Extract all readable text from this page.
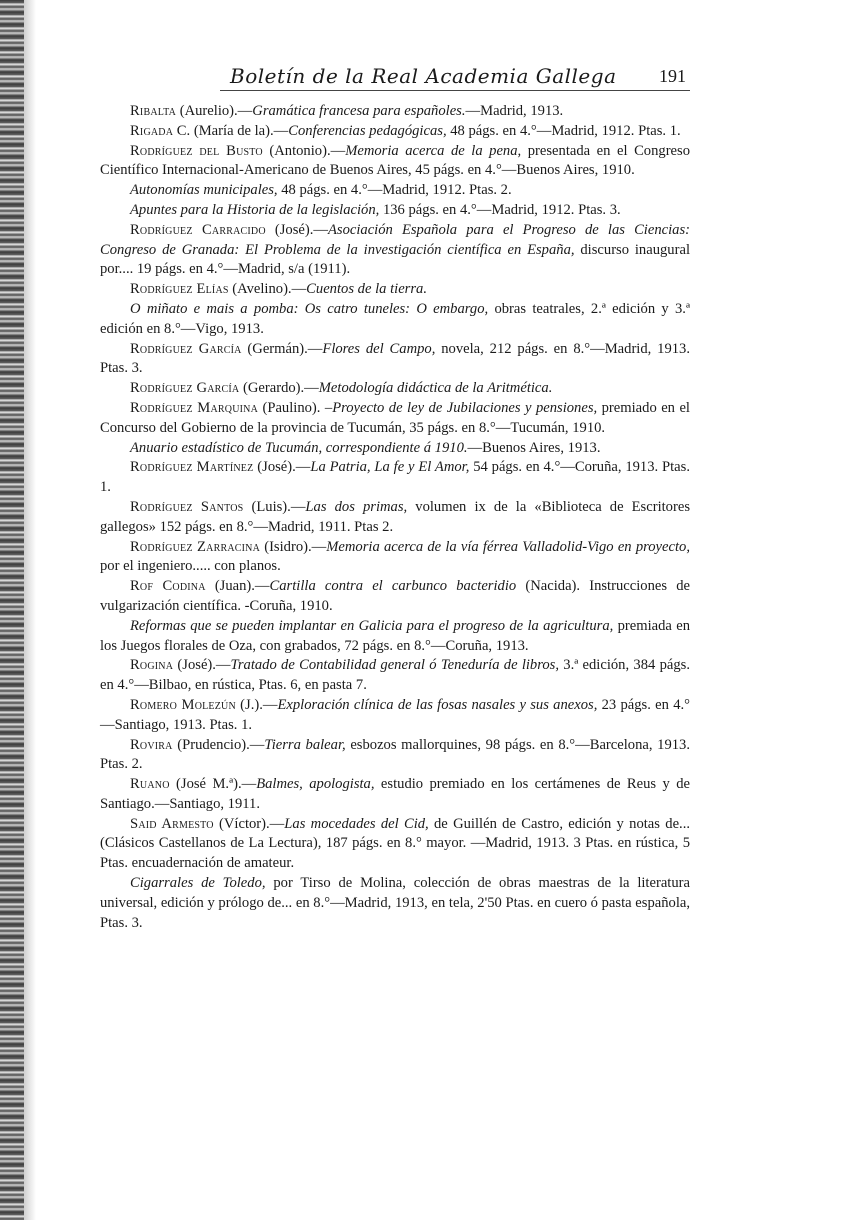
Boletín de la Real Academia Gallega 191

Ribalta (Aurelio).—Gramática francesa para españoles.—Madrid, 1913.

Rigada C. (María de la).—Conferencias pedagógicas, 48 págs. en 4.°—Madrid, 1912. Ptas. 1.

Rodríguez del Busto (Antonio).—Memoria acerca de la pena, presentada en el Congreso Científico Internacional-Americano de Buenos Aires, 45 págs. en 4.°—Buenos Aires, 1910.

Autonomías municipales, 48 págs. en 4.°—Madrid, 1912. Ptas. 2.

Apuntes para la Historia de la legislación, 136 págs. en 4.°—Madrid, 1912. Ptas. 3.

Rodríguez Carracido (José).—Asociación Española para el Progreso de las Ciencias: Congreso de Granada: El Problema de la investigación científica en España, discurso inaugural por.... 19 págs. en 4.°—Madrid, s/a (1911).

Rodríguez Elías (Avelino).—Cuentos de la tierra.

O miñato e mais a pomba: Os catro tuneles: O embargo, obras teatrales, 2.ª edición y 3.ª edición en 8.°—Vigo, 1913.

Rodríguez García (Germán).—Flores del Campo, novela, 212 págs. en 8.°—Madrid, 1913. Ptas. 3.

Rodríguez García (Gerardo).—Metodología didáctica de la Aritmética.

Rodríguez Marquina (Paulino). –Proyecto de ley de Jubilaciones y pensiones, premiado en el Concurso del Gobierno de la provincia de Tucumán, 35 págs. en 8.°—Tucumán, 1910.

Anuario estadístico de Tucumán, correspondiente á 1910.—Buenos Aires, 1913.

Rodríguez Martínez (José).—La Patria, La fe y El Amor, 54 págs. en 4.°—Coruña, 1913. Ptas. 1.

Rodríguez Santos (Luis).—Las dos primas, volumen ix de la «Biblioteca de Escritores gallegos» 152 págs. en 8.°—Madrid, 1911. Ptas 2.

Rodríguez Zarracina (Isidro).—Memoria acerca de la vía férrea Valladolid-Vigo en proyecto, por el ingeniero..... con planos.

Rof Codina (Juan).—Cartilla contra el carbunco bacteridio (Nacida). Instrucciones de vulgarización científica. -Coruña, 1910.

Reformas que se pueden implantar en Galicia para el progreso de la agricultura, premiada en los Juegos florales de Oza, con grabados, 72 págs. en 8.°—Coruña, 1913.

Rogina (José).—Tratado de Contabilidad general ó Teneduría de libros, 3.ª edición, 384 págs. en 4.°—Bilbao, en rústica, Ptas. 6, en pasta 7.

Romero Molezún (J.).—Exploración clínica de las fosas nasales y sus anexos, 23 págs. en 4.°—Santiago, 1913. Ptas. 1.

Rovira (Prudencio).—Tierra balear, esbozos mallorquines, 98 págs. en 8.°—Barcelona, 1913. Ptas. 2.

Ruano (José M.ª).—Balmes, apologista, estudio premiado en los certámenes de Reus y de Santiago.—Santiago, 1911.

Said Armesto (Víctor).—Las mocedades del Cid, de Guillén de Castro, edición y notas de... (Clásicos Castellanos de La Lectura), 187 págs. en 8.° mayor. —Madrid, 1913. 3 Ptas. en rústica, 5 Ptas. encuadernación de amateur.

Cigarrales de Toledo, por Tirso de Molina, colección de obras maestras de la literatura universal, edición y prólogo de... en 8.°—Madrid, 1913, en tela, 2'50 Ptas. en cuero ó pasta española, Ptas. 3.
